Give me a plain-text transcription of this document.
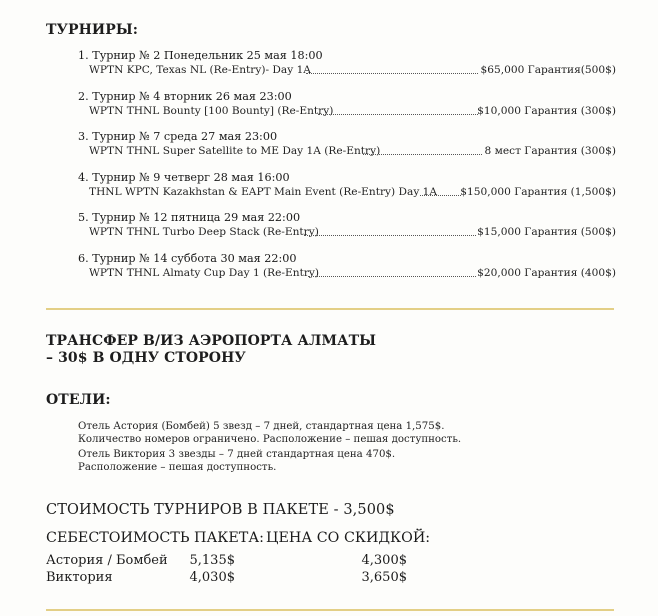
ТУРНИРЫ:
1. Турнир № 2 Понедельник 25 мая 18:00
WPTN KPC, Texas NL (Re-Entry)- Day 1A	$65,000 Гарантия(500$)
2. Турнир № 4 вторник 26 мая 23:00
WPTN THNL Bounty [100 Bounty] (Re-Entry)	$10,000 Гарантия (300$)
3. Турнир № 7 среда 27 мая 23:00
WPTN THNL Super Satellite to ME Day 1A (Re-Entry)	8 мест Гарантия (300$)
4. Турнир № 9 четверг 28 мая 16:00
THNL WPTN Kazakhstan & EAPT Main Event (Re-Entry) Day 1A $150,000 Гарантия (1,500$)
5. Турнир № 12 пятница 29 мая 22:00
WPTN THNL Turbo Deep Stack (Re-Entry)	$15,000 Гарантия (500$)
6. Турнир № 14 суббота 30 мая 22:00
WPTN THNL Almaty Cup Day 1 (Re-Entry)	$20,000 Гарантия (400$)
ТРАНСФЕР В/ИЗ АЭРОПОРТА АЛМАТЫ
– 30$ В ОДНУ СТОРОНУ
ОТЕЛИ:
Отель Астория (Бомбей) 5 звезд – 7 дней, стандартная цена 1,575$.
Количество номеров ограничено. Расположение – пешая доступность.
Отель Виктория 3 звезды – 7 дней стандартная цена 470$.
Расположение – пешая доступность.
СТОИМОСТЬ ТУРНИРОВ В ПАКЕТЕ - 3,500$
СЕБЕСТОИМОСТЬ ПАКЕТА: ЦЕНА СО СКИДКОЙ:
Астория / Бомбей	5,135$	4,300$
Виктория	4,030$	3,650$
